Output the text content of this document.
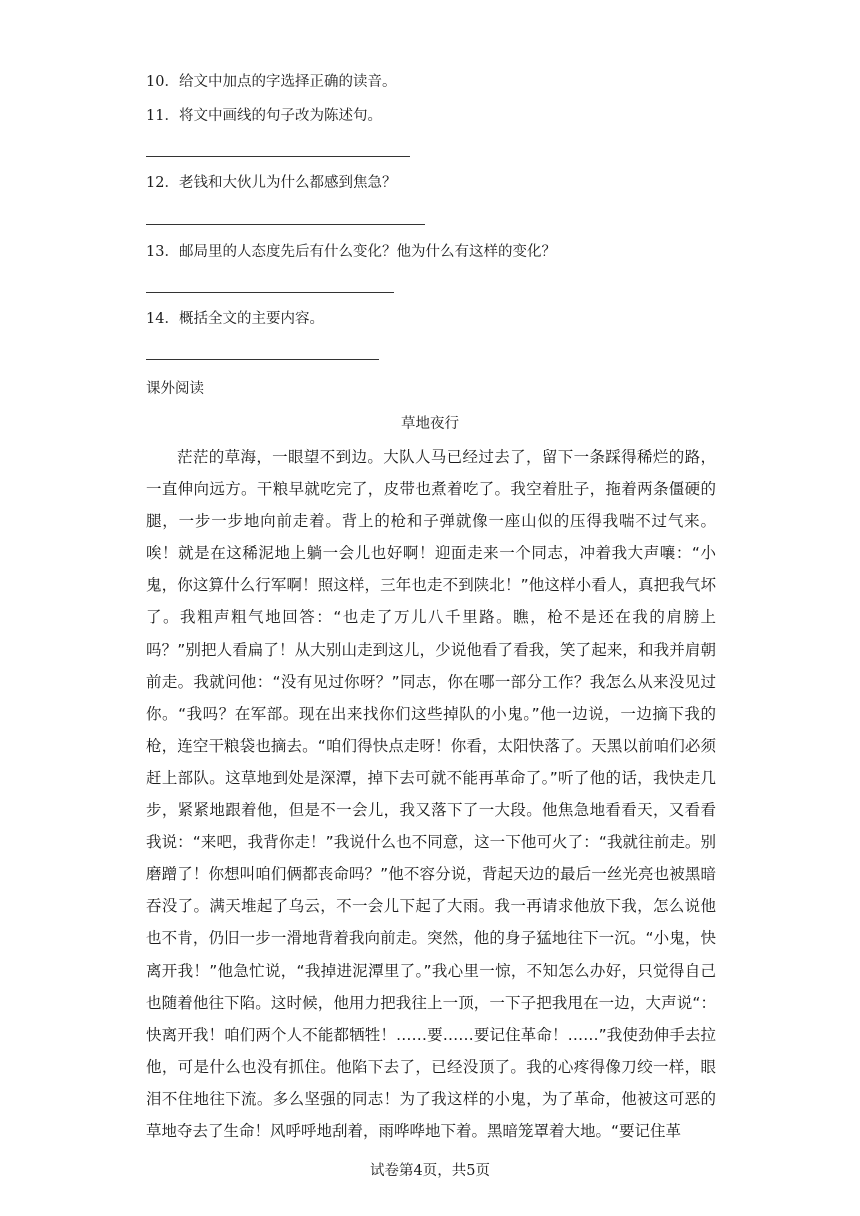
10．给文中加点的字选择正确的读音。
11．将文中画线的句子改为陈述句。
12．老钱和大伙儿为什么都感到焦急？
13．邮局里的人态度先后有什么变化？他为什么有这样的变化？
14．概括全文的主要内容。
课外阅读
草地夜行
茫茫的草海，一眼望不到边。大队人马已经过去了，留下一条踩得稀烂的路，一直伸向远方。干粮早就吃完了，皮带也煮着吃了。我空着肚子，拖着两条僵硬的腿，一步一步地向前走着。背上的枪和子弹就像一座山似的压得我喘不过气来。唉！就是在这稀泥地上躺一会儿也好啊！迎面走来一个同志，冲着我大声嚷：“小鬼，你这算什么行军啊！照这样，三年也走不到陕北！”他这样小看人，真把我气坏了。我粗声粗气地回答：“也走了万儿八千里路。瞧，枪不是还在我的肩膀上吗？”别把人看扁了！从大别山走到这儿，少说他看了看我，笑了起来，和我并肩朝前走。我就问他：“没有见过你呀？”同志，你在哪一部分工作？我怎么从来没见过你。“我吗？在军部。现在出来找你们这些掉队的小鬼。”他一边说，一边摘下我的枪，连空干粮袋也摘去。“咱们得快点走呀！你看，太阳快落了。天黑以前咱们必须赶上部队。这草地到处是深潭，掉下去可就不能再革命了。”听了他的话，我快走几步，紧紧地跟着他，但是不一会儿，我又落下了一大段。他焦急地看看天，又看看我说：“来吧，我背你走！”我说什么也不同意，这一下他可火了：“我就往前走。别磨蹭了！你想叫咱们俩都丧命吗？”他不容分说，背起天边的最后一丝光亮也被黑暗吞没了。满天堆起了乌云，不一会儿下起了大雨。我一再请求他放下我，怎么说他也不肯，仍旧一步一滑地背着我向前走。突然，他的身子猛地往下一沉。“小鬼，快离开我！”他急忙说，“我掉进泥潭里了。”我心里一惊，不知怎么办好，只觉得自己也随着他往下陷。这时候，他用力把我往上一顶，一下子把我甩在一边，大声说“：快离开我！咱们两个人不能都牺牲！……要……要记住革命！……”我使劲伸手去拉他，可是什么也没有抓住。他陷下去了，已经没顶了。我的心疼得像刀绞一样，眼泪不住地往下流。多么坚强的同志！为了我这样的小鬼，为了革命，他被这可恶的草地夺去了生命！风呼呼地刮着，雨哗哗地下着。黑暗笼罩着大地。“要记住革
试卷第4页，共5页
